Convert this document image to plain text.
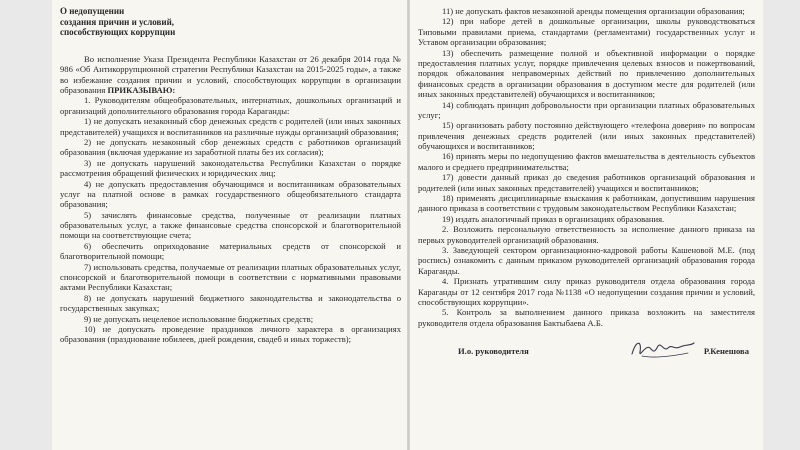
О недопущении
создания причин и условий,
способствующих коррупции

Во исполнение Указа Президента Республики Казахстан от 26 декабря 2014 года № 986 «Об Антикоррупционной стратегии Республики Казахстан на 2015-2025 годы», а также во избежание создания причин и условий, способствующих коррупции в организации образования ПРИКАЗЫВАЮ:

1. Руководителям общеобразовательных, интернатных, дошкольных организаций и организаций дополнительного образования города Караганды:

1) не допускать незаконный сбор денежных средств с родителей (или иных законных представителей) учащихся и воспитанников на различные нужды организаций образования;

2) не допускать незаконный сбор денежных средств с работников организаций образования (включая удержание из заработной платы без их согласия);

3) не допускать нарушений законодательства Республики Казахстан о порядке рассмотрения обращений физических и юридических лиц;

4) не допускать предоставления обучающимся и воспитанникам образовательных услуг на платной основе в рамках государственного общеобязательного стандарта образования;

5) зачислять финансовые средства, полученные от реализации платных образовательных услуг, а также финансовые средства спонсорской и благотворительной помощи на соответствующие счета;

6) обеспечить оприходование материальных средств от спонсорской и благотворительной помощи;

7) использовать средства, получаемые от реализации платных образовательных услуг, спонсорской и благотворительной помощи в соответствии с нормативными правовыми актами Республики Казахстан;

8) не допускать нарушений бюджетного законодательства и законодательства о государственных закупках;

9) не допускать нецелевое использование бюджетных средств;

10) не допускать проведение праздников личного характера в организациях образования (празднование юбилеев, дней рождения, свадеб и иных торжеств);

11) не допускать фактов незаконной аренды помещения организации образования;

12) при наборе детей в дошкольные организации, школы руководствоваться Типовыми правилами приема, стандартами (регламентами) государственных услуг и Уставом организации образования;

13) обеспечить размещение полной и объективной информации о порядке предоставления платных услуг, порядке привлечения целевых взносов и пожертвований, порядок обжалования неправомерных действий по привлечению дополнительных финансовых средств в организации образования в доступном месте для родителей (или иных законных представителей) обучающихся и воспитанников;

14) соблюдать принцип добровольности при организации платных образовательных услуг;

15) организовать работу постоянно действующего «телефона доверия» по вопросам привлечения денежных средств родителей (или иных законных представителей) обучающихся и воспитанников;

16) принять меры по недопущению фактов вмешательства в деятельность субъектов малого и среднего предпринимательства;

17) довести данный приказ до сведения работников организаций образования и родителей (или иных законных представителей) учащихся и воспитанников;

18) применять дисциплинарные взыскания к работникам, допустившим нарушения данного приказа в соответствии с трудовым законодательством Республики Казахстан;

19) издать аналогичный приказ в организациях образования.

2. Возложить персональную ответственность за исполнение данного приказа на первых руководителей организаций образования.

3. Заведующей сектором организационно-кадровой работы Кашеновой М.Е. (под роспись) ознакомить с данным приказом руководителей организаций образования города Караганды.

4. Признать утратившим силу приказ руководителя отдела образования города Караганды от 12 сентября 2017 года №1138 «О недопущении создания причин и условий, способствующих коррупции».

5. Контроль за выполнением данного приказа возложить на заместителя руководителя отдела образования Бактыбаева А.Б.

И.о. руководителя	Р.Кенешова
